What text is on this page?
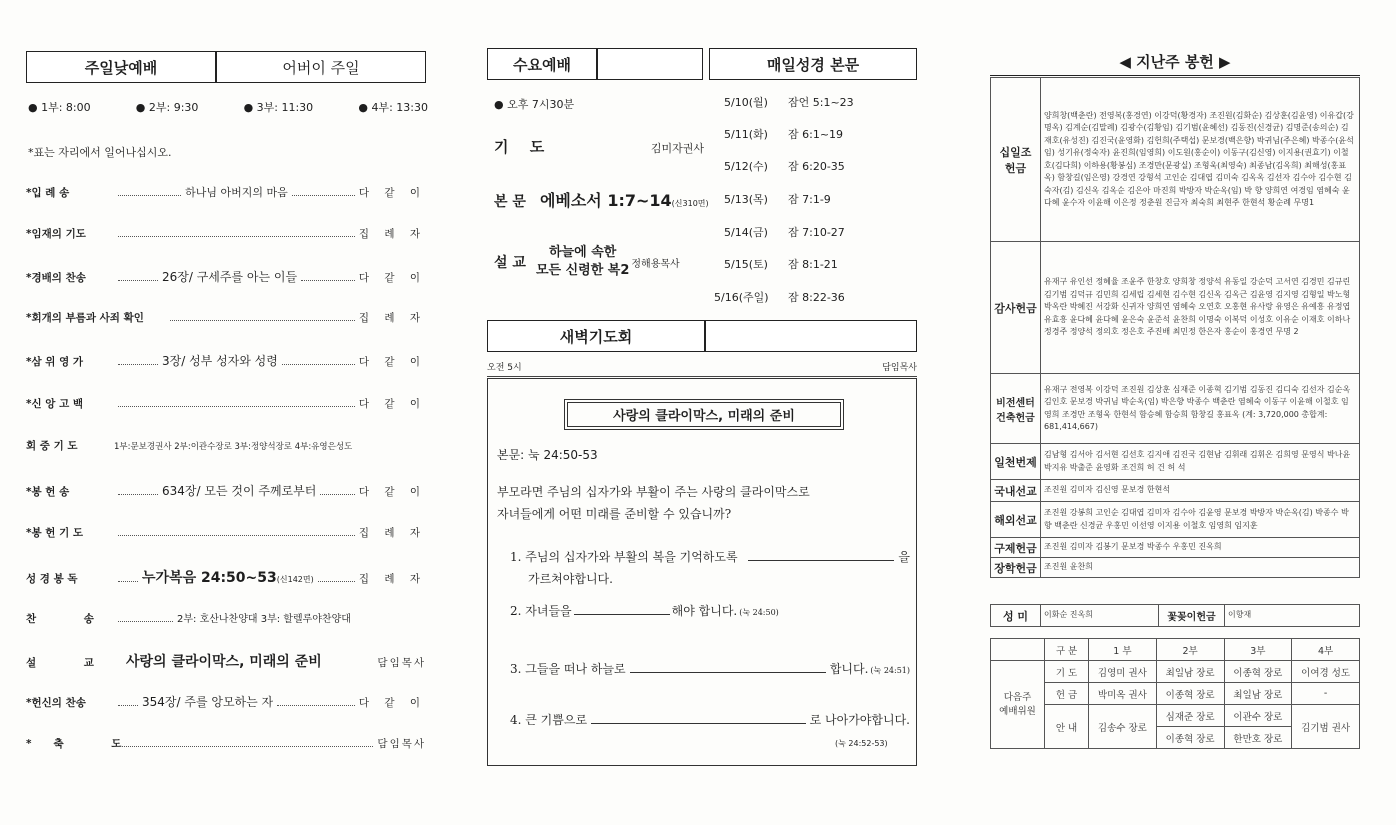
주일낮예배	어버이 주일
● 1부: 8:00	● 2부: 9:30	● 3부: 11:30	● 4부: 13:30
*표는 자리에서 일어나십시오.
*입 례 송	하나님 아버지의 마음	다 같 이
*임재의 기도	집 례 자
*경배의 찬송	26장/ 구세주를 아는 이들	다 같 이
*회개의 부름과 사죄 확인	집 례 자
*삼 위 영 가	3장/ 성부 성자와 성령	다 같 이
*신 앙 고 백	다 같 이
회 중 기 도	1부:문보경권사 2부:이관수장로 3부:정양석장로 4부:유영은성도
*봉 헌 송	634장/ 모든 것이 주께로부터	다 같 이
*봉 헌 기 도	집 례 자
성 경 봉 독	누가복음 24:50~53 (신142면)	집 례 자
찬 송	2부: 호산나찬양대 3부: 할렐루야찬양대
설 교 사랑의 클라이막스, 미래의 준비	담임목사
*헌신의 찬송	354장/ 주를 앙모하는 자	다 같 이
*축 도	담임목사
수요예배	매일성경 본문
● 오후 7시30분
기 도	김미자권사
본 문 에베소서 1:7~14 (신310면)
설 교
하늘에 속한
모든 신령한 복2 정해용목사
5/10(월) 잠언 5:1~23
5/11(화) 잠 6:1~19
5/12(수) 잠 6:20-35
5/13(목) 잠 7:1-9
5/14(금) 잠 7:10-27
5/15(토) 잠 8:1-21
5/16(주일) 잠 8:22-36
새벽기도회
오전 5시	담임목사
사랑의 클라이막스, 미래의 준비
본문: 눅 24:50-53
부모라면 주님의 십자가와 부활이 주는 사랑의 클라이막스로
자녀들에게 어떤 미래를 준비할 수 있습니까?
1. 주님의 십자가와 부활의 복을 기억하도록	을
가르쳐야합니다.
2. 자녀들을	해야 합니다. (눅 24:50)
3. 그들을 떠나 하늘로	합니다. (눅 24:51)
4. 큰 기쁨으로	로 나아가야합니다.
(눅 24:52-53)
◀ 지난주 봉헌 ▶
십일조
헌금	양희창(백춘란) 전영복(홍경연) 이강덕(황경자) 조진원(김화순) 김상훈(김윤영) 이유갑(강명옥) 김계순(김말례) 김광수(김황임) 김기범(윤혜선) 김동진(신경균) 김명준(송의순) 김재호(유성진) 김진국(윤영화) 김헌희(주택섭) 문보경(백은향) 박귀님(주은혜) 박종수(윤석임) 성기유(정숙자) 윤진희(임영희) 이도원(홍순이) 이동구(김신영) 이지용(권효기) 이철호(김다희) 이하용(황봉심) 조경만(문광실) 조형욱(최영숙) 최종남(김옥희) 최해성(홍표옥) 함창길(임은영) 강경연 강형석 고인순 김대엽 김미숙 김옥옥 김선자 김수아 김수현 김숙자(김) 김신옥 김옥순 김은아 마진희 박방자 박순옥(임) 박 향 양희연 여경임 염혜숙 윤다혜 윤수자 이윤해 이은정 정춘원 진금자 최숙희 최현주 한현석 황순례 무명1
감사헌금	유재구 유인선 정혜율 조윤주 한창호 양희창 정양석 유동일 강순덕 고서연 김경민 김규린 김기범 김덕규 김민희 김세립 김세현 김수현 김신옥 김옥근 김윤영 김지영 김형일 박노형 박옥란 박혜진 서강화 신귀자 양희연 염혜숙 오연호 오홍현 유사랑 유영은 유예흥 유정엽 유효흥 윤다혜 윤다혜 윤은숙 윤준석 윤찬희 이명숙 이복덕 이성호 이유순 이재호 이하나 정경주 정양석 정의호 정은호 주진배 최민정 한은자 홍순이 홍경연 무명 2
비전센터
건축헌금	유재구 전영복 이강덕 조진원 김상훈 심재준 이종혁 김기범 김동진 김디숙 김선자 김순옥 김인호 문보경 박귀님 박순옥(임) 박은향 박종수 백춘란 염혜숙 이동구 이윤해 이철호 임영희 조경만 조형욱 한현석 함승혜 함승희 함창길 홍표옥 (계: 3,720,000 총합계: 681,414,667)
일천번제	김남형 김서아 김서현 김선호 김지애 김진국 김현남 김휘래 김휘온 김희영 문영식 박나윤 박지유 박출준 윤영화 조건희 허 건 허 석
국내선교	조진원 김미자 김신영 문보경 한현석
해외선교	조진원 강봉희 고인순 김대엽 김미자 김수아 김윤영 문보경 박방자 박순옥(김) 박종수 박 향 백춘란 신경균 우홍민 이선영 이지용 이철호 임영희 임지훈
구제헌금	조진원 김미자 김봉기 문보경 박종수 우홍민 진옥희
장학헌금	조진원 윤찬희
성 미	이화순 진옥희	꽃꽂이헌금	이향재
	구 분	1 부	2부	3부	4부

다음주
예배위원	기 도	김영미 권사	최일남 장로	이종혁 장로	이여경 성도
	헌 금	박미옥 권사	이종혁 장로	최일남 장로	-
	안 내	김송수 장로	심재준 장로	이관수 장로	김기범 권사
			이종혁 장로	한만호 장로	
